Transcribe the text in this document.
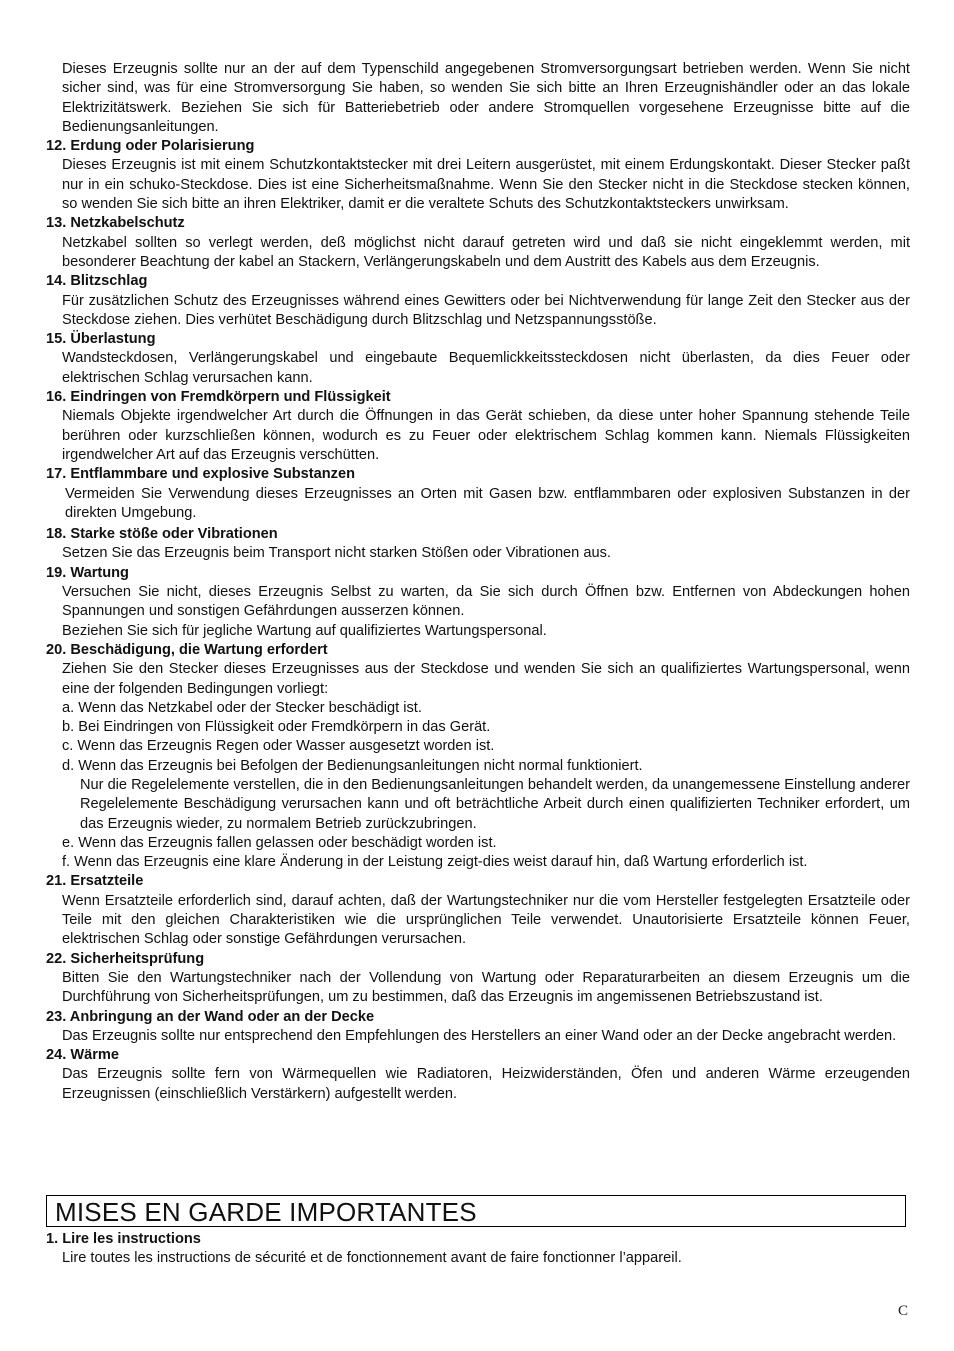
Dieses Erzeugnis sollte nur an der auf dem Typenschild angegebenen Stromversorgungsart betrieben werden. Wenn Sie nicht sicher sind, was für eine Stromversorgung Sie haben, so wenden Sie sich bitte an Ihren Erzeugnishändler oder an das lokale Elektrizitätswerk. Beziehen Sie sich für Batteriebetrieb oder andere Stromquellen vorgesehene Erzeugnisse bitte auf die Bedienungsanleitungen.

12. Erdung oder Polarisierung

Dieses Erzeugnis ist mit einem Schutzkontaktstecker mit drei Leitern ausgerüstet, mit einem Erdungskontakt. Dieser Stecker paßt nur in ein schuko-Steckdose. Dies ist eine Sicherheitsmaßnahme. Wenn Sie den Stecker nicht in die Steckdose stecken können, so wenden Sie sich bitte an ihren Elektriker, damit er die veraltete Schuts des Schutzkontaktsteckers unwirksam.

13. Netzkabelschutz

Netzkabel sollten so verlegt werden, deß möglichst nicht darauf getreten wird und daß sie nicht eingeklemmt werden, mit besonderer Beachtung der kabel an Stackern, Verlängerungskabeln und dem Austritt des Kabels aus dem Erzeugnis.

14. Blitzschlag

Für zusätzlichen Schutz des Erzeugnisses während eines Gewitters oder bei Nichtverwendung für lange Zeit den Stecker aus der Steckdose ziehen. Dies verhütet Beschädigung durch Blitzschlag und Netzspannungsstöße.

15. Überlastung

Wandsteckdosen, Verlängerungskabel und eingebaute Bequemlickkeitssteckdosen nicht überlasten, da dies Feuer oder elektrischen Schlag verursachen kann.

16. Eindringen von Fremdkörpern und Flüssigkeit

Niemals Objekte irgendwelcher Art durch die Öffnungen in das Gerät schieben, da diese unter hoher Spannung stehende Teile berühren oder kurzschließen können, wodurch es zu Feuer oder elektrischem Schlag kommen kann. Niemals Flüssigkeiten irgendwelcher Art auf das Erzeugnis verschütten.

17. Entflammbare und explosive Substanzen

Vermeiden Sie Verwendung dieses Erzeugnisses an Orten mit Gasen bzw. entflammbaren oder explosiven Substanzen in der direkten Umgebung.

18. Starke stöße oder Vibrationen

Setzen Sie das Erzeugnis beim Transport nicht starken Stößen oder Vibrationen aus.

19. Wartung

Versuchen Sie nicht, dieses Erzeugnis Selbst zu warten, da Sie sich durch Öffnen bzw. Entfernen von Abdeckungen hohen Spannungen und sonstigen Gefährdungen ausserzen können.

Beziehen Sie sich für jegliche Wartung auf qualifiziertes Wartungspersonal.

20. Beschädigung, die Wartung erfordert

Ziehen Sie den Stecker dieses Erzeugnisses aus der Steckdose und wenden Sie sich an qualifiziertes Wartungspersonal, wenn eine der folgenden Bedingungen vorliegt:

a. Wenn das Netzkabel oder der Stecker beschädigt ist.

b. Bei Eindringen von Flüssigkeit oder Fremdkörpern in das Gerät.

c. Wenn das Erzeugnis Regen oder Wasser ausgesetzt worden ist.

d. Wenn das Erzeugnis bei Befolgen der Bedienungsanleitungen nicht normal funktioniert.

Nur die Regelelemente verstellen, die in den Bedienungsanleitungen behandelt werden, da unangemessene Einstellung anderer Regelelemente Beschädigung verursachen kann und oft beträchtliche Arbeit durch einen qualifizierten Techniker erfordert, um das Erzeugnis wieder, zu normalem Betrieb zurückzubringen.

e. Wenn das Erzeugnis fallen gelassen oder beschädigt worden ist.

f. Wenn das Erzeugnis eine klare Änderung in der Leistung zeigt-dies weist darauf hin, daß Wartung erforderlich ist.

21. Ersatzteile

Wenn Ersatzteile erforderlich sind, darauf achten, daß der Wartungstechniker nur die vom Hersteller festgelegten Ersatzteile oder Teile mit den gleichen Charakteristiken wie die ursprünglichen Teile verwendet. Unautorisierte Ersatzteile können Feuer, elektrischen Schlag oder sonstige Gefährdungen verursachen.

22. Sicherheitsprüfung

Bitten Sie den Wartungstechniker nach der Vollendung von Wartung oder Reparaturarbeiten an diesem Erzeugnis um die Durchführung von Sicherheitsprüfungen, um zu bestimmen, daß das Erzeugnis im angemissenen Betriebszustand ist.

23. Anbringung an der Wand oder an der Decke

Das Erzeugnis sollte nur entsprechend den Empfehlungen des Herstellers an einer Wand oder an der Decke angebracht werden.

24. Wärme

Das Erzeugnis sollte fern von Wärmequellen wie Radiatoren, Heizwiderständen, Öfen und anderen Wärme erzeugenden Erzeugnissen (einschließlich Verstärkern) aufgestellt werden.

MISES EN GARDE IMPORTANTES

1. Lire les instructions

Lire toutes les instructions de sécurité et de fonctionnement avant de faire fonctionner l’appareil.

C
